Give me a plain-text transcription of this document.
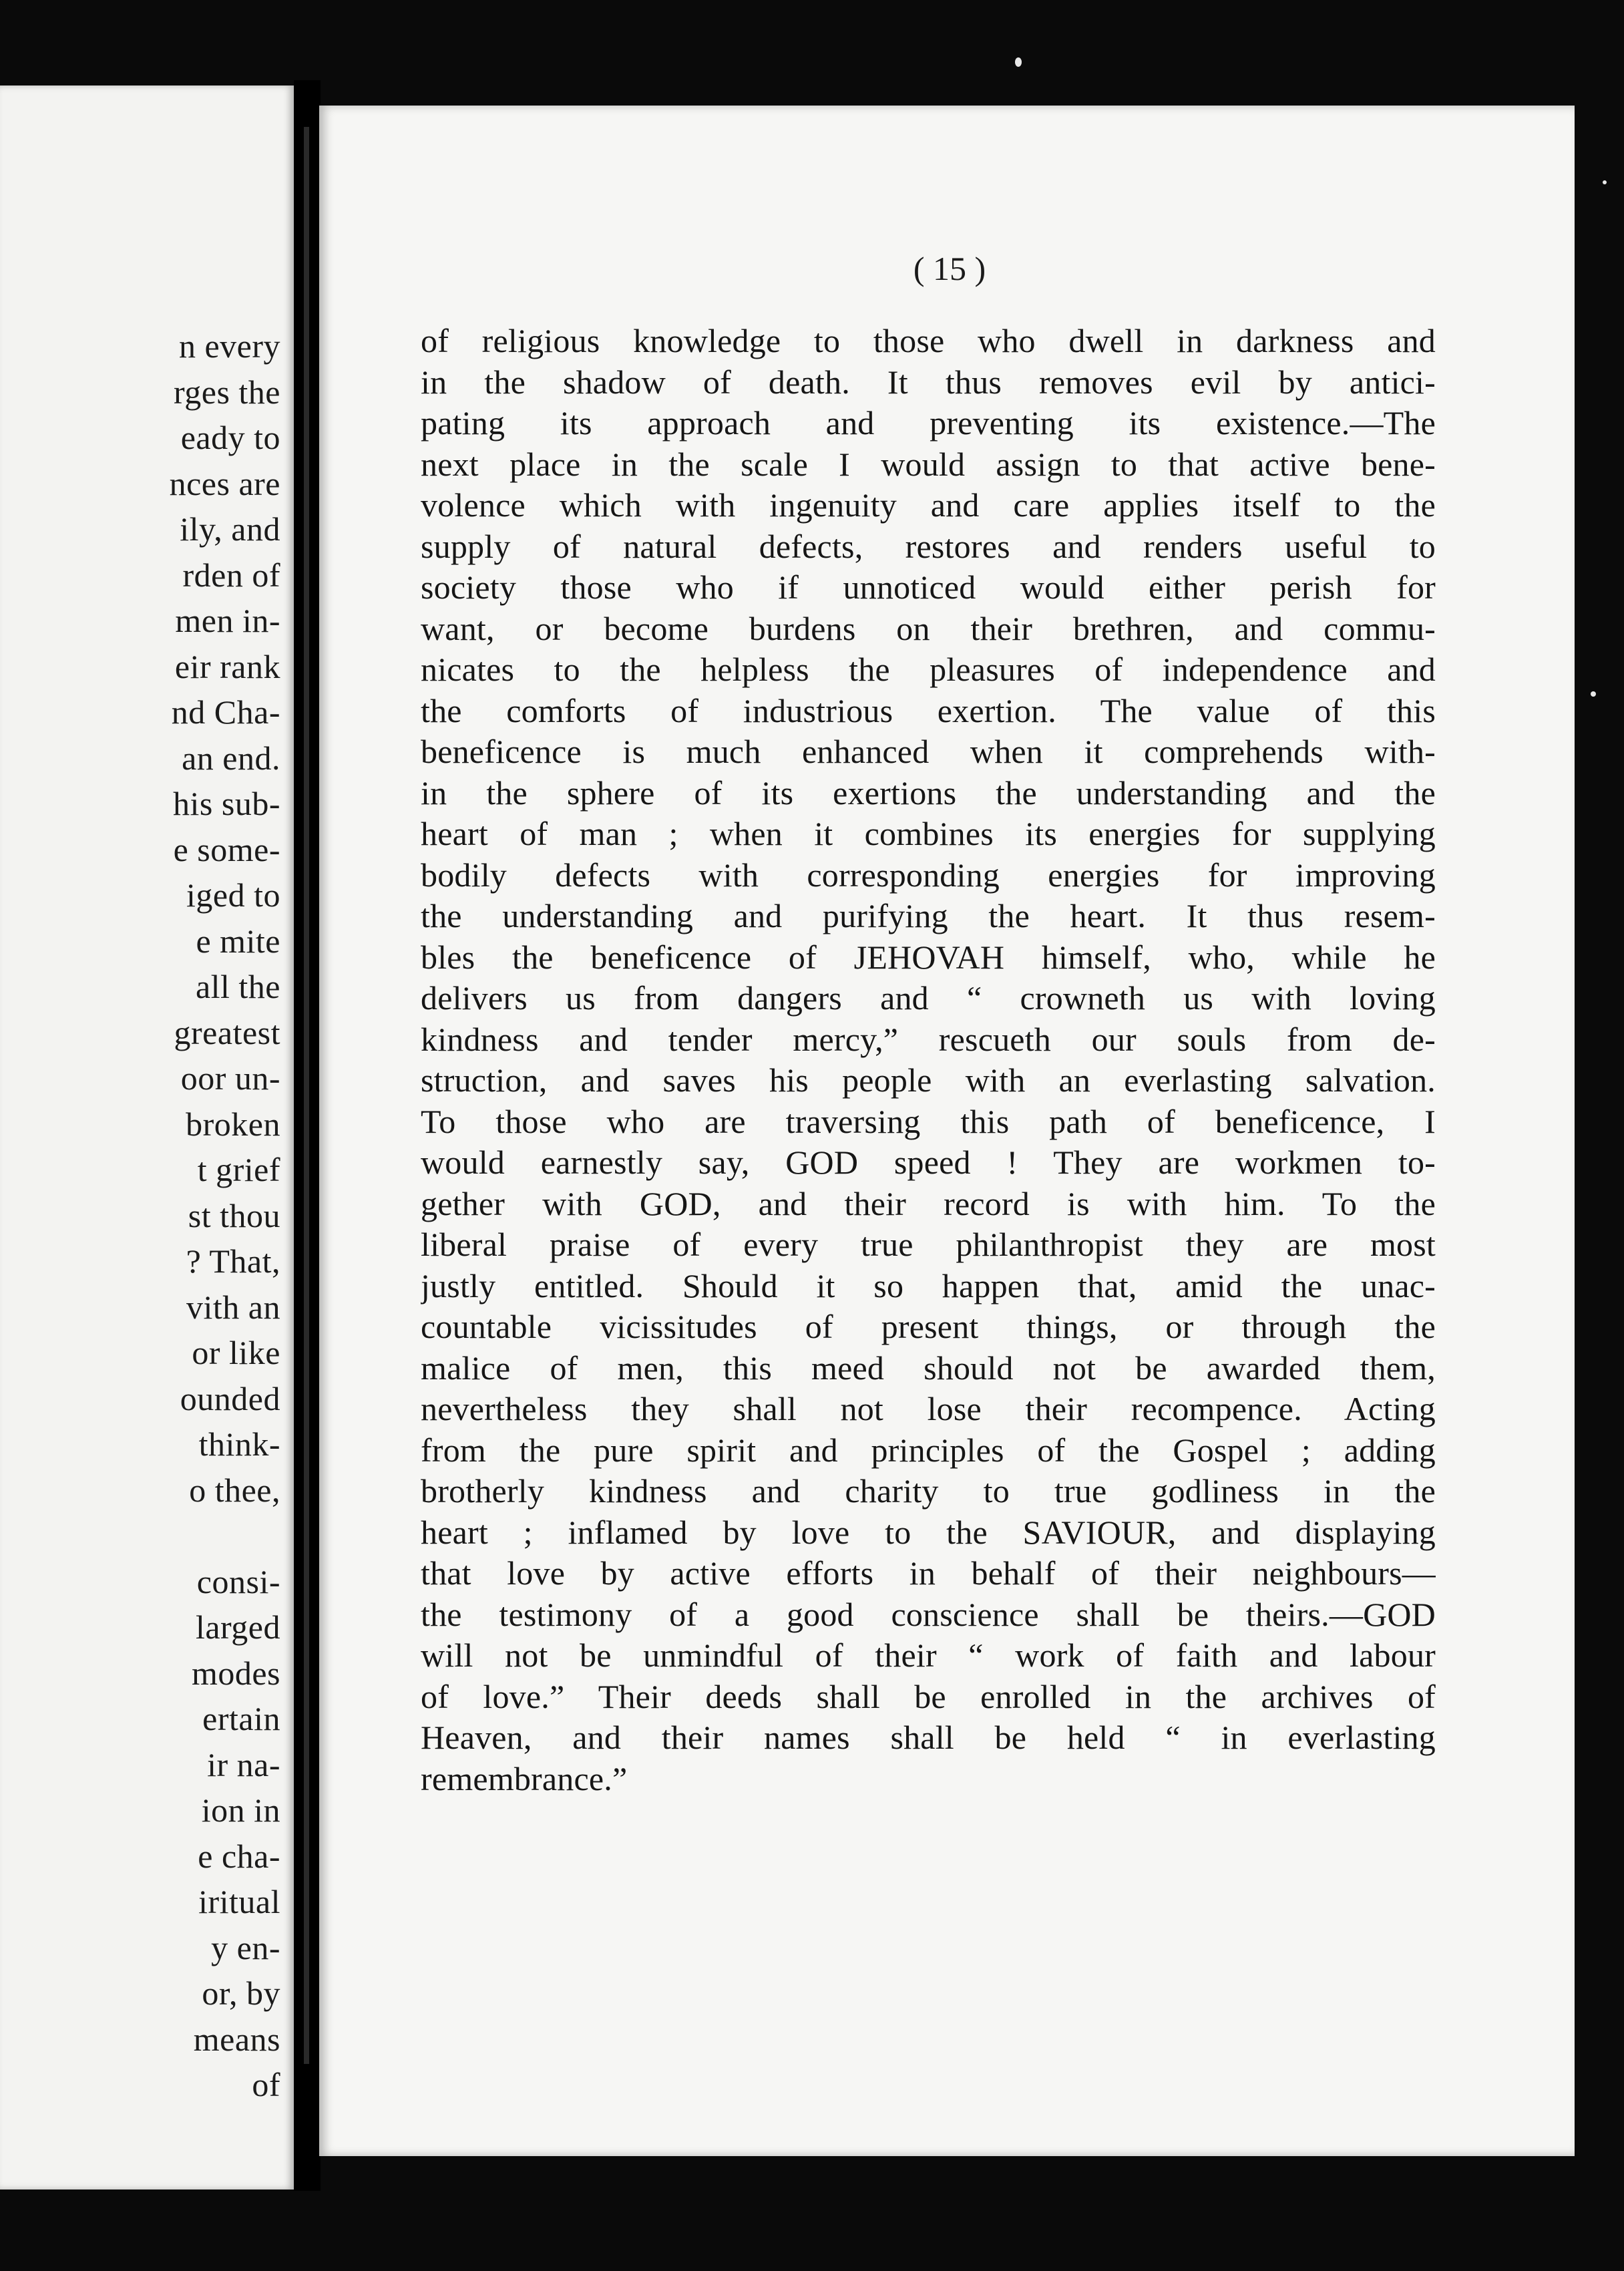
n every
rges the
eady to
nces are
ily, and
rden of
men in-
eir rank
nd Cha-
an end.
his sub-
e some-
iged to
e mite
all the
greatest
oor un-
broken
t grief
st thou
? That,
vith an
or like
ounded
think-
o thee,
consi-
larged
modes
ertain
ir na-
ion in
e cha-
iritual
y en-
or, by
means
of
( 15 )
of religious knowledge to those who dwell in darkness and
in the shadow of death. It thus removes evil by antici-
pating its approach and preventing its existence.—The
next place in the scale I would assign to that active bene-
volence which with ingenuity and care applies itself to the
supply of natural defects, restores and renders useful to
society those who if unnoticed would either perish for
want, or become burdens on their brethren, and commu-
nicates to the helpless the pleasures of independence and
the comforts of industrious exertion. The value of this
beneficence is much enhanced when it comprehends with-
in the sphere of its exertions the understanding and the
heart of man ; when it combines its energies for supplying
bodily defects with corresponding energies for improving
the understanding and purifying the heart. It thus resem-
bles the beneficence of JEHOVAH himself, who, while he
delivers us from dangers and “ crowneth us with loving
kindness and tender mercy,” rescueth our souls from de-
struction, and saves his people with an everlasting salvation.
To those who are traversing this path of beneficence, I
would earnestly say, GOD speed ! They are workmen to-
gether with GOD, and their record is with him. To the
liberal praise of every true philanthropist they are most
justly entitled. Should it so happen that, amid the unac-
countable vicissitudes of present things, or through the
malice of men, this meed should not be awarded them,
nevertheless they shall not lose their recompence. Acting
from the pure spirit and principles of the Gospel ; adding
brotherly kindness and charity to true godliness in the
heart ; inflamed by love to the SAVIOUR, and displaying
that love by active efforts in behalf of their neighbours—
the testimony of a good conscience shall be theirs.—GOD
will not be unmindful of their “ work of faith and labour
of love.” Their deeds shall be enrolled in the archives of
Heaven, and their names shall be held “ in everlasting
remembrance.”
